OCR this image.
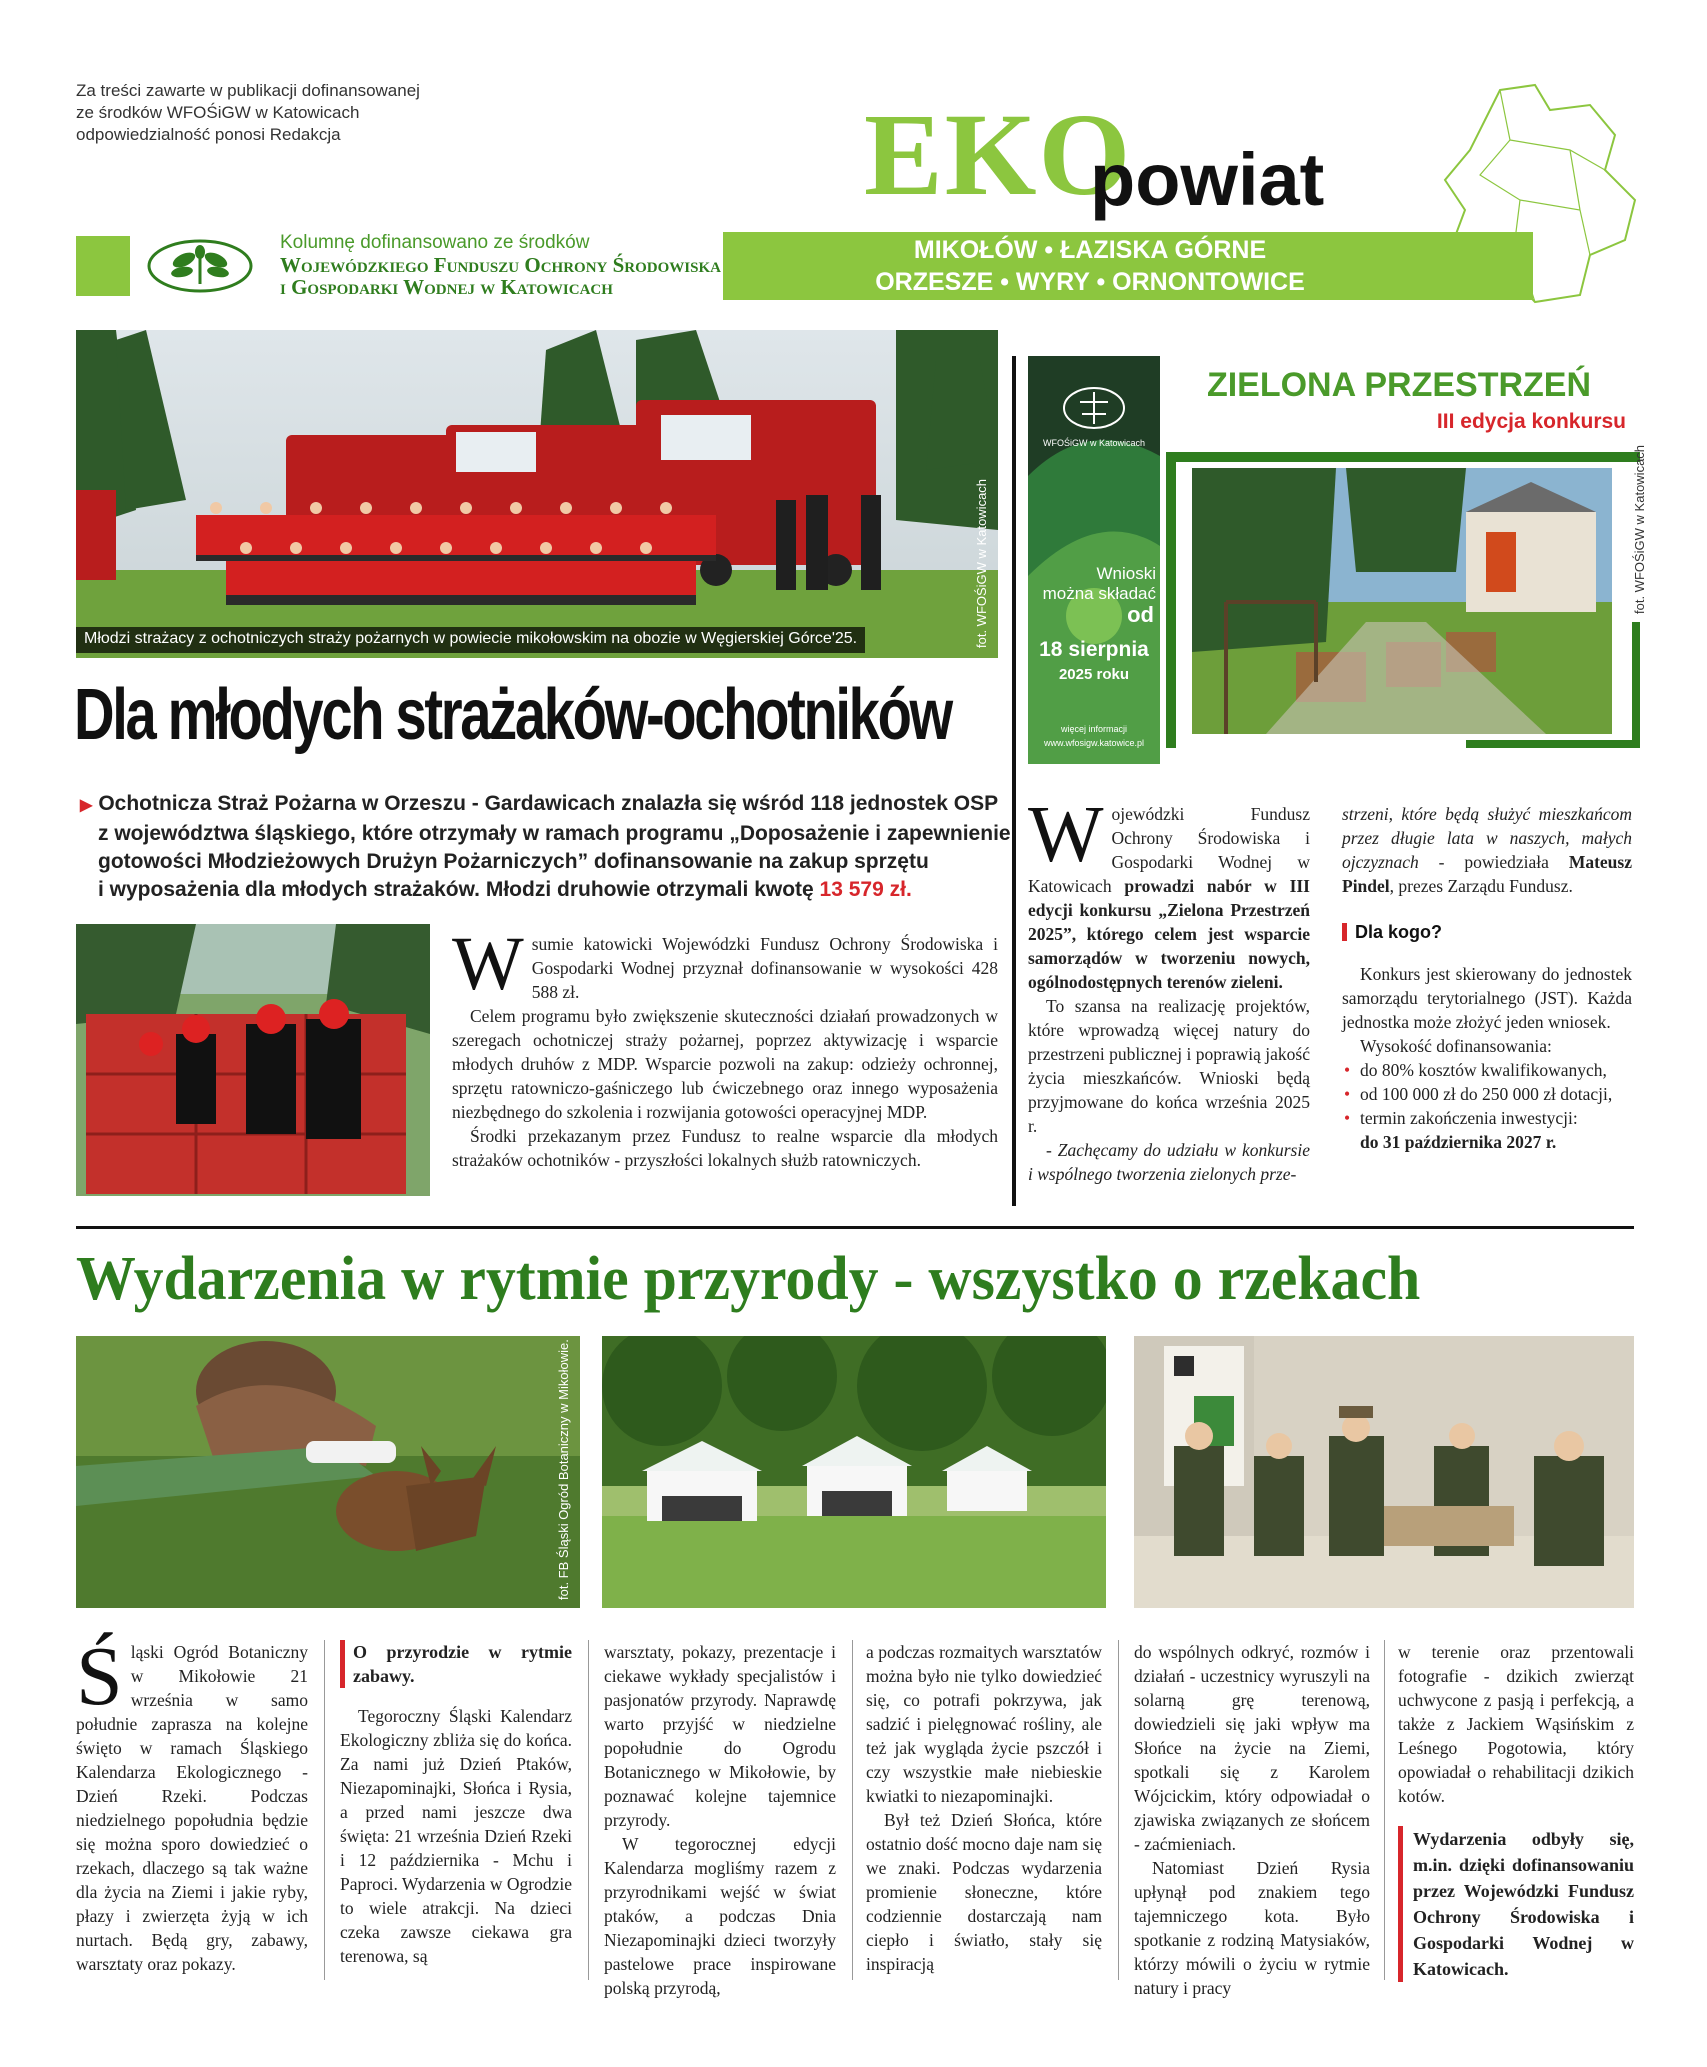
Za treści zawarte w publikacji dofinansowanej
ze środków WFOŚiGW w Katowicach
odpowiedzialność ponosi Redakcja
Kolumnę dofinansowano ze środków
Wojewódzkiego Funduszu Ochrony Środowiska
i Gospodarki Wodnej w Katowicach
EKO
powiat
MIKOŁÓW • ŁAZISKA GÓRNE
ORZESZE • WYRY • ORNONTOWICE
fot. WFOŚiGW w Katowicach
Młodzi strażacy z ochotniczych straży pożarnych w powiecie mikołowskim na obozie w Węgierskiej Górce'25.
Dla młodych strażaków-ochotników
▶ Ochotnicza Straż Pożarna w Orzeszu - Gardawicach znalazła się wśród 118 jednostek OSP
z województwa śląskiego, które otrzymały w ramach programu „Doposażenie i zapewnienie
gotowości Młodzieżowych Drużyn Pożarniczych” dofinansowanie na zakup sprzętu
i wyposażenia dla młodych strażaków. Młodzi druhowie otrzymali kwotę 13 579 zł.

Wsumie katowicki Wojewódzki Fundusz Ochrony Środowiska i Gospodarki Wodnej przyznał dofinansowanie w wysokości 428 588 zł.

Celem programu było zwiększenie skuteczności działań prowadzonych w szeregach ochotniczej straży pożarnej, poprzez aktywizację i wsparcie młodych druhów z MDP. Wsparcie pozwoli na zakup: odzieży ochronnej, sprzętu ratowniczo-gaśniczego lub ćwiczebnego oraz innego wyposażenia niezbędnego do szkolenia i rozwijania gotowości operacyjnej MDP.

Środki przekazanym przez Fundusz to realne wsparcie dla młodych strażaków ochotników - przyszłości lokalnych służb ratowniczych.

WFOŚiGW w Katowicach
Wnioski
można składać
od
18 sierpnia
2025 roku
więcej informacji
www.wfosigw.katowice.pl
ZIELONA PRZESTRZEŃ
III edycja konkursu
fot. WFOŚiGW w Katowicach

Wojewódzki Fundusz Ochrony Środowiska i Gospodarki Wodnej w Katowicach prowadzi nabór w III edycji konkursu „Zielona Przestrzeń 2025”, którego celem jest wsparcie samorządów w tworzeniu nowych, ogólnodostępnych terenów zieleni.

To szansa na realizację projektów, które wprowadzą więcej natury do przestrzeni publicznej i poprawią jakość życia mieszkańców. Wnioski będą przyjmowane do końca września 2025 r.

- Zachęcamy do udziału w konkursie i wspólnego tworzenia zielonych prze-

strzeni, które będą służyć mieszkańcom przez długie lata w naszych, małych ojczyznach - powiedziała Mateusz Pindel, prezes Zarządu Fundusz.

Dla kogo?

Konkurs jest skierowany do jednostek samorządu terytorialnego (JST). Każda jednostka może złożyć jeden wniosek.

Wysokość dofinansowania:

• do 80% kosztów kwalifikowanych,
• od 100 000 zł do 250 000 zł dotacji,
• termin zakończenia inwestycji:
do 31 października 2027 r.
Wydarzenia w rytmie przyrody - wszystko o rzekach
fot. FB Śląski Ogród Botaniczny w Mikołowie.

Śląski Ogród Botaniczny w Mikołowie 21 września w samo południe zaprasza na kolejne święto w ramach Śląskiego Kalendarza Ekologicznego - Dzień Rzeki. Podczas niedzielnego popołudnia będzie się można sporo dowiedzieć o rzekach, dlaczego są tak ważne dla życia na Ziemi i jakie ryby, płazy i zwierzęta żyją w ich nurtach. Będą gry, zabawy, warsztaty oraz pokazy.

O przyrodzie w rytmie zabawy.

Tegoroczny Śląski Kalendarz Ekologiczny zbliża się do końca. Za nami już Dzień Ptaków, Niezapominajki, Słońca i Rysia, a przed nami jeszcze dwa święta: 21 września Dzień Rzeki i 12 października - Mchu i Paproci. Wydarzenia w Ogrodzie to wiele atrakcji. Na dzieci czeka zawsze ciekawa gra terenowa, są

warsztaty, pokazy, prezentacje i ciekawe wykłady specjalistów i pasjonatów przyrody. Naprawdę warto przyjść w niedzielne popołudnie do Ogrodu Botanicznego w Mikołowie, by poznawać kolejne tajemnice przyrody.

W tegorocznej edycji Kalendarza mogliśmy razem z przyrodnikami wejść w świat ptaków, a podczas Dnia Niezapominajki dzieci tworzyły pastelowe prace inspirowane polską przyrodą,

a podczas rozmaitych warsztatów można było nie tylko dowiedzieć się, co potrafi pokrzywa, jak sadzić i pielęgnować rośliny, ale też jak wygląda życie pszczół i czy wszystkie małe niebieskie kwiatki to niezapominajki.

Był też Dzień Słońca, które ostatnio dość mocno daje nam się we znaki. Podczas wydarzenia promienie słoneczne, które codziennie dostarczają nam ciepło i światło, stały się inspiracją

do wspólnych odkryć, rozmów i działań - uczestnicy wyruszyli na solarną grę terenową, dowiedzieli się jaki wpływ ma Słońce na życie na Ziemi, spotkali się z Karolem Wójcickim, który odpowiadał o zjawiska związanych ze słońcem - zaćmieniach.

Natomiast Dzień Rysia upłynął pod znakiem tego tajemniczego kota. Było spotkanie z rodziną Matysiaków, którzy mówili o życiu w rytmie natury i pracy

w terenie oraz przentowali fotografie - dzikich zwierząt uchwycone z pasją i perfekcją, a także z Jackiem Wąsińskim z Leśnego Pogotowia, który opowiadał o rehabilitacji dzikich kotów.

Wydarzenia odbyły się, m.in. dzięki dofinansowaniu przez Wojewódzki Fundusz Ochrony Środowiska i Gospodarki Wodnej w Katowicach.
